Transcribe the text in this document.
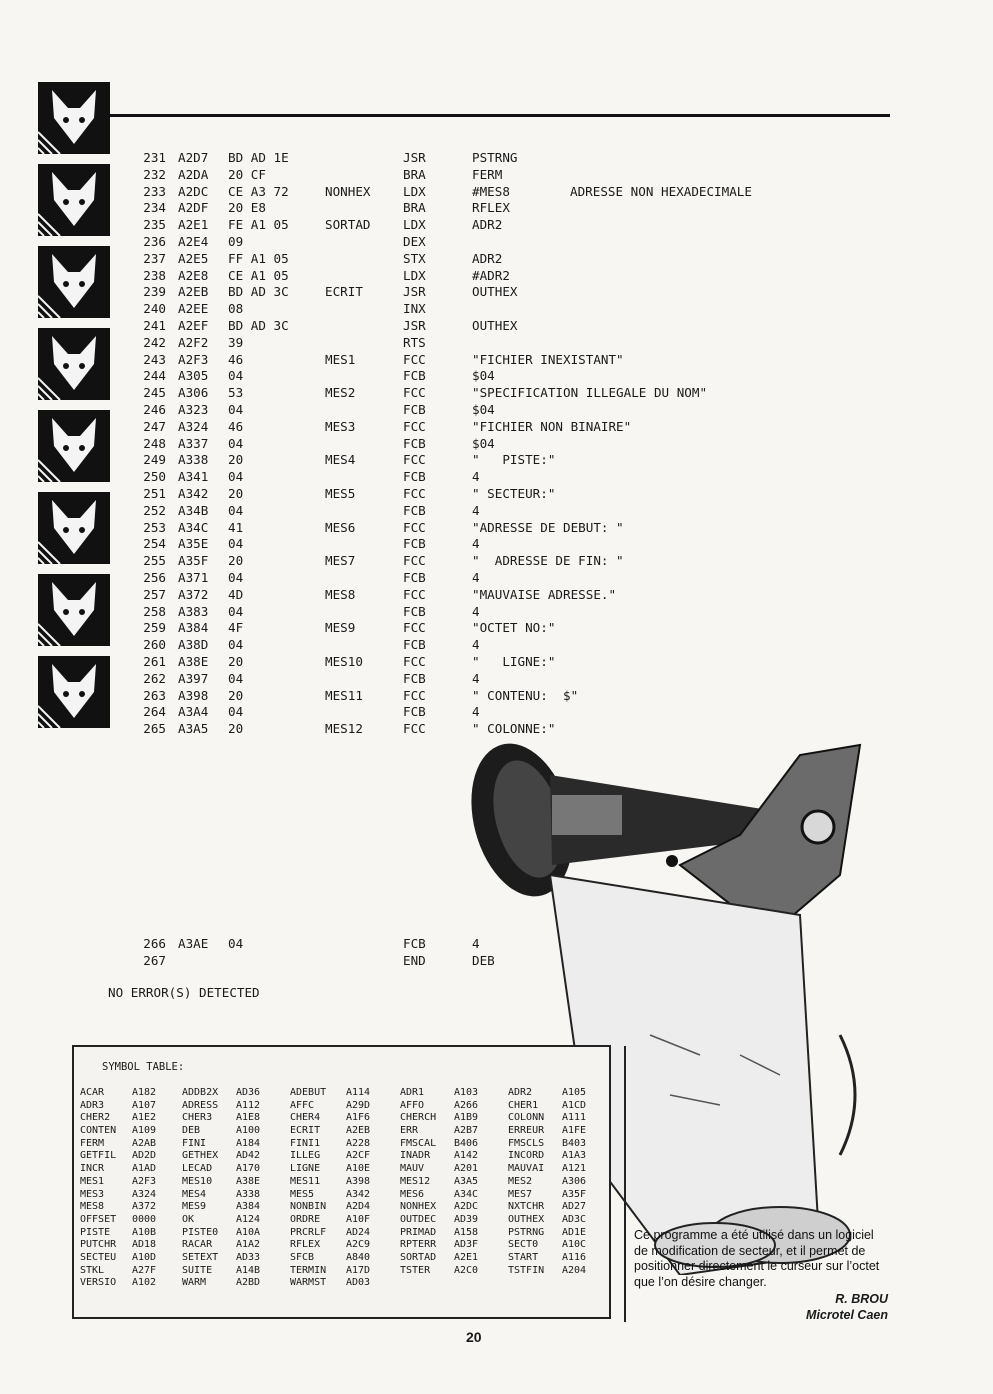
231 A2D7 BD AD 1E	JSR	PSTRNG
232 A2DA 20 CF	BRA	FERM
233 A2DC CE A3 72	NONHEX	LDX	#MES8	ADRESSE NON HEXADECIMALE
234 A2DF 20 E8	BRA	RFLEX
235 A2E1 FE A1 05	SORTAD	LDX	ADR2
236 A2E4 09	DEX
237 A2E5 FF A1 05	STX	ADR2
238 A2E8 CE A1 05	LDX	#ADR2
239 A2EB BD AD 3C	ECRIT	JSR	OUTHEX
240 A2EE 08	INX
241 A2EF BD AD 3C	JSR	OUTHEX
242 A2F2 39	RTS
243 A2F3 46	MES1	FCC	"FICHIER INEXISTANT"
244 A305 04	FCB	$04
245 A306 53	MES2	FCC	"SPECIFICATION ILLEGALE DU NOM"
246 A323 04	FCB	$04
247 A324 46	MES3	FCC	"FICHIER NON BINAIRE"
248 A337 04	FCB	$04
249 A338 20	MES4	FCC	"   PISTE:"
250 A341 04	FCB	4
251 A342 20	MES5	FCC	" SECTEUR:"
252 A34B 04	FCB	4
253 A34C 41	MES6	FCC	"ADRESSE DE DEBUT: "
254 A35E 04	FCB	4
255 A35F 20	MES7	FCC	"  ADRESSE DE FIN: "
256 A371 04	FCB	4
257 A372 4D	MES8	FCC	"MAUVAISE ADRESSE."
258 A383 04	FCB	4
259 A384 4F	MES9	FCC	"OCTET NO:"
260 A38D 04	FCB	4
261 A38E 20	MES10	FCC	"   LIGNE:"
262 A397 04	FCB	4
263 A398 20	MES11	FCC	" CONTENU:  $"
264 A3A4 04	FCB	4
265 A3A5 20	MES12	FCC	" COLONNE:"
266 A3AE 04	FCB	4
267	END	DEB
NO ERROR(S) DETECTED
SYMBOL TABLE:
ACAR	A182	ADDB2X AD36	ADEBUT A114	ADR1	A103	ADR2	A105
ADR3	A107	ADRESS A112	AFFC	A29D	AFFO	A266	CHER1 A1CD
CHER2 A1E2	CHER3 A1E8	CHER4	A1F6	CHERCH A1B9	COLONN A111
CONTEN A109	DEB	A100	ECRIT	A2EB	ERR	A2B7	ERREUR A1FE
FERM	A2AB	FINI	A184	FINI1	A228	FMSCAL B406	FMSCLS B403
GETFIL AD2D	GETHEX AD42	ILLEG	A2CF	INADR A142	INCORD A1A3
INCR	A1AD	LECAD A170	LIGNE	A10E	MAUV	A201	MAUVAI A121
MES1	A2F3	MES10 A38E	MES11	A398	MES12 A3A5	MES2	A306
MES3	A324	MES4	A338	MES5	A342	MES6	A34C	MES7	A35F
MES8	A372	MES9	A384	NONBIN A2D4	NONHEX A2DC	NXTCHR AD27
OFFSET 0000	OK	A124	ORDRE	A10F	OUTDEC AD39	OUTHEX AD3C
PISTE A10B	PISTE0 A10A	PRCRLF AD24	PRIMAD A158	PSTRNG AD1E
PUTCHR AD18	RACAR A1A2	RFLEX	A2C9	RPTERR AD3F	SECT0 A10C
SECTEU A10D	SETEXT AD33	SFCB	A840	SORTAD A2E1	START A116
STKL	A27F	SUITE A14B	TERMIN A17D	TSTER A2C0	TSTFIN A204
VERSIO A102	WARM	A2BD	WARMST AD03
Ce programme a été utilisé dans un logiciel de modification de secteur, et il permet de positionner directement le curseur sur l’octet que l’on désire changer.
R. BROU
Microtel Caen
20
